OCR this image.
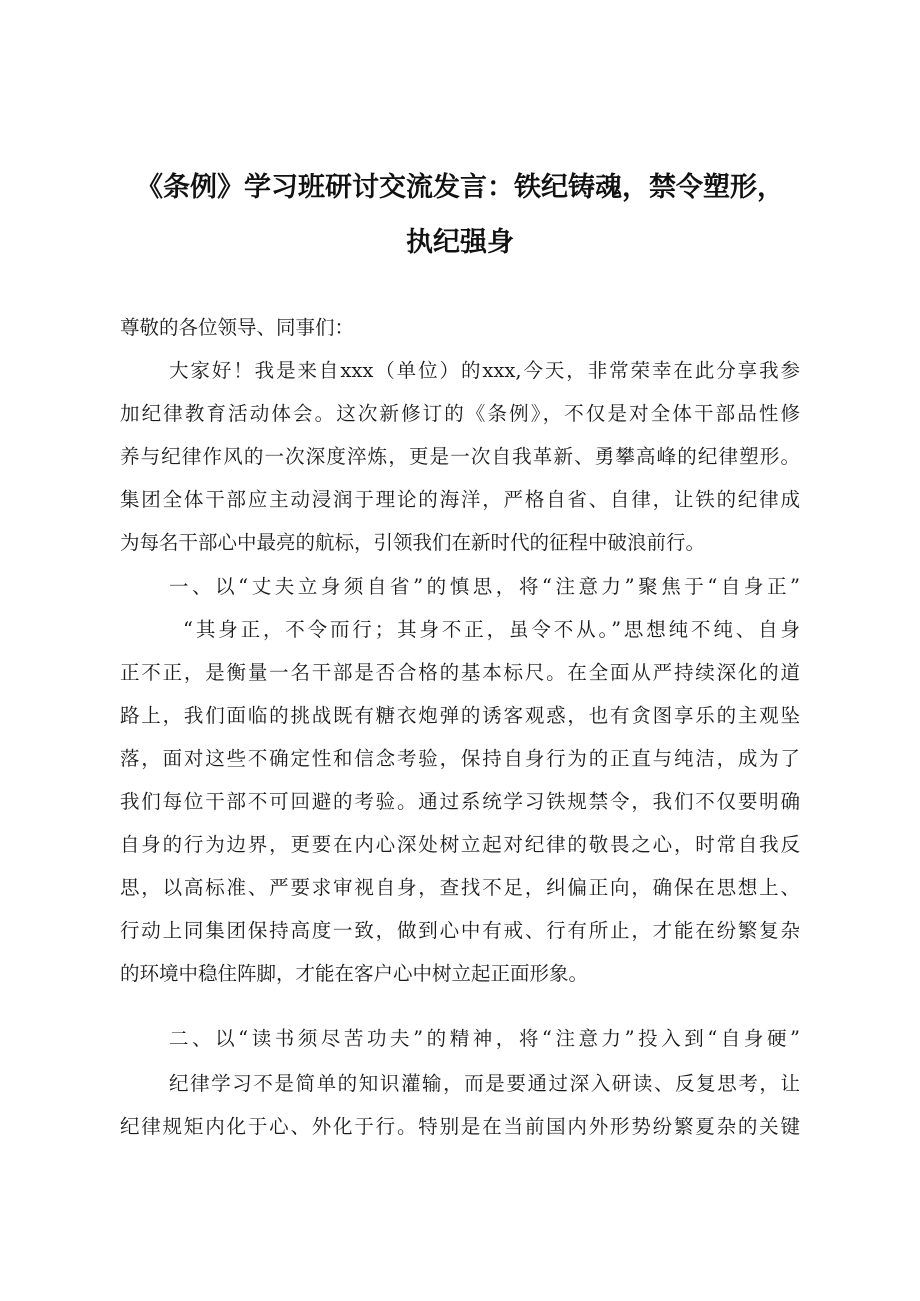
《条例》学习班研讨交流发言：铁纪铸魂，禁令塑形，
执纪强身
尊敬的各位领导、同事们：
大家好！我是来自xxx（单位）的xxx,今天，非常荣幸在此分享我参
加纪律教育活动体会。这次新修订的《条例》，不仅是对全体干部品性修
养与纪律作风的一次深度淬炼，更是一次自我革新、勇攀高峰的纪律塑形。
集团全体干部应主动浸润于理论的海洋，严格自省、自律，让铁的纪律成
为每名干部心中最亮的航标，引领我们在新时代的征程中破浪前行。
一、以“丈夫立身须自省”的慎思，将“注意力”聚焦于“自身正”
“其身正，不令而行；其身不正，虽令不从。”思想纯不纯、自身
正不正，是衡量一名干部是否合格的基本标尺。在全面从严持续深化的道
路上，我们面临的挑战既有糖衣炮弹的诱客观惑，也有贪图享乐的主观坠
落，面对这些不确定性和信念考验，保持自身行为的正直与纯洁，成为了
我们每位干部不可回避的考验。通过系统学习铁规禁令，我们不仅要明确
自身的行为边界，更要在内心深处树立起对纪律的敬畏之心，时常自我反
思，以高标准、严要求审视自身，查找不足，纠偏正向，确保在思想上、
行动上同集团保持高度一致，做到心中有戒、行有所止，才能在纷繁复杂
的环境中稳住阵脚，才能在客户心中树立起正面形象。
二、以“读书须尽苦功夫”的精神，将“注意力”投入到“自身硬”
纪律学习不是简单的知识灌输，而是要通过深入研读、反复思考，让
纪律规矩内化于心、外化于行。特别是在当前国内外形势纷繁夏杂的关键
